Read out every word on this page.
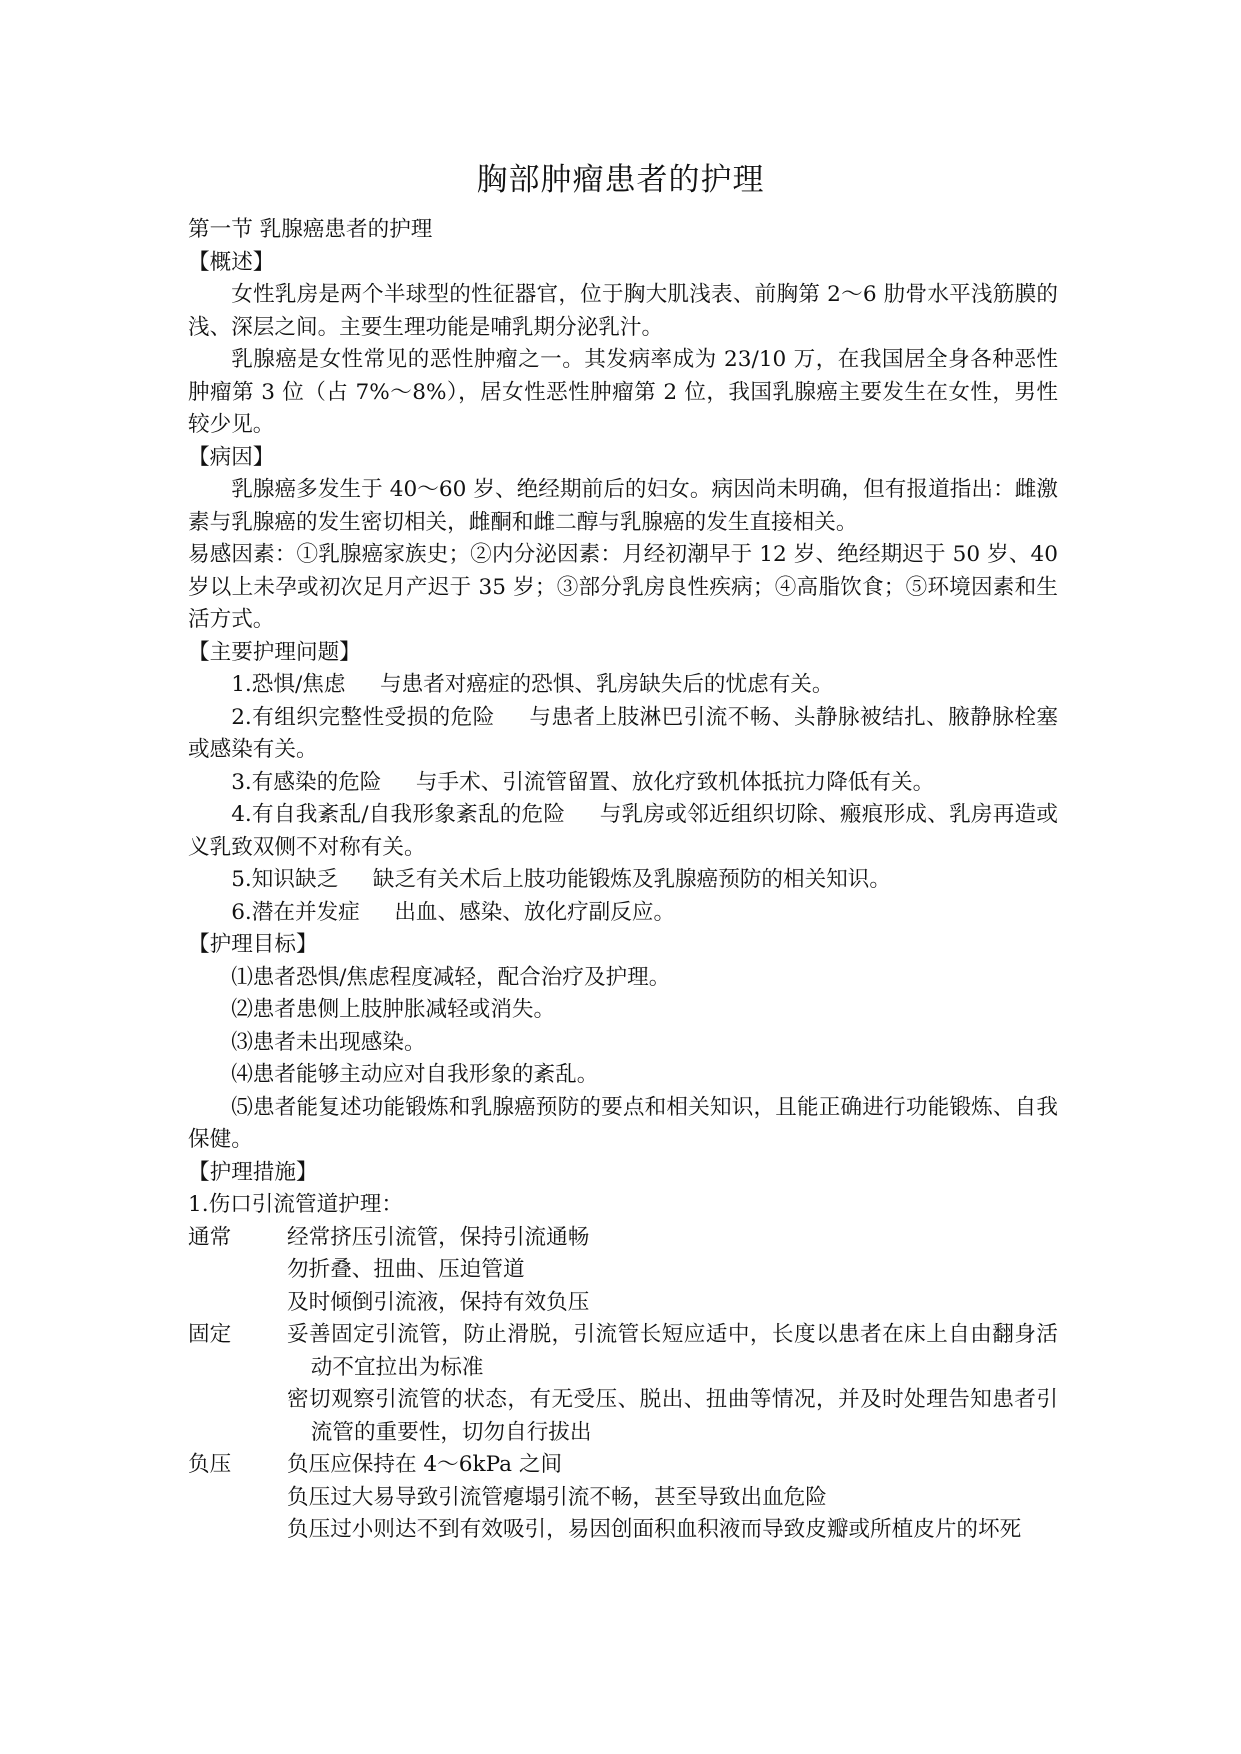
胸部肿瘤患者的护理
第一节 乳腺癌患者的护理
【概述】
女性乳房是两个半球型的性征器官，位于胸大肌浅表、前胸第 2～6 肋骨水平浅筋膜的浅、深层之间。主要生理功能是哺乳期分泌乳汁。
乳腺癌是女性常见的恶性肿瘤之一。其发病率成为 23/10 万，在我国居全身各种恶性肿瘤第 3 位（占 7%～8%），居女性恶性肿瘤第 2 位，我国乳腺癌主要发生在女性，男性较少见。
【病因】
乳腺癌多发生于 40～60 岁、绝经期前后的妇女。病因尚未明确，但有报道指出：雌激素与乳腺癌的发生密切相关，雌酮和雌二醇与乳腺癌的发生直接相关。
易感因素：①乳腺癌家族史；②内分泌因素：月经初潮早于 12 岁、绝经期迟于 50 岁、40 岁以上未孕或初次足月产迟于 35 岁；③部分乳房良性疾病；④高脂饮食；⑤环境因素和生活方式。
【主要护理问题】
1.恐惧/焦虑 与患者对癌症的恐惧、乳房缺失后的忧虑有关。
2.有组织完整性受损的危险 与患者上肢淋巴引流不畅、头静脉被结扎、腋静脉栓塞或感染有关。
3.有感染的危险 与手术、引流管留置、放化疗致机体抵抗力降低有关。
4.有自我紊乱/自我形象紊乱的危险 与乳房或邻近组织切除、瘢痕形成、乳房再造或义乳致双侧不对称有关。
5.知识缺乏 缺乏有关术后上肢功能锻炼及乳腺癌预防的相关知识。
6.潜在并发症 出血、感染、放化疗副反应。
【护理目标】
⑴患者恐惧/焦虑程度减轻，配合治疗及护理。
⑵患者患侧上肢肿胀减轻或消失。
⑶患者未出现感染。
⑷患者能够主动应对自我形象的紊乱。
⑸患者能复述功能锻炼和乳腺癌预防的要点和相关知识，且能正确进行功能锻炼、自我保健。
【护理措施】
1.伤口引流管道护理：
通常	经常挤压引流管，保持引流通畅
勿折叠、扭曲、压迫管道
及时倾倒引流液，保持有效负压
固定	妥善固定引流管，防止滑脱，引流管长短应适中，长度以患者在床上自由翻身活动不宜拉出为标准
密切观察引流管的状态，有无受压、脱出、扭曲等情况，并及时处理告知患者引流管的重要性，切勿自行拔出
负压	负压应保持在 4～6kPa 之间
负压过大易导致引流管瘪塌引流不畅，甚至导致出血危险
负压过小则达不到有效吸引，易因创面积血积液而导致皮瓣或所植皮片的坏死
